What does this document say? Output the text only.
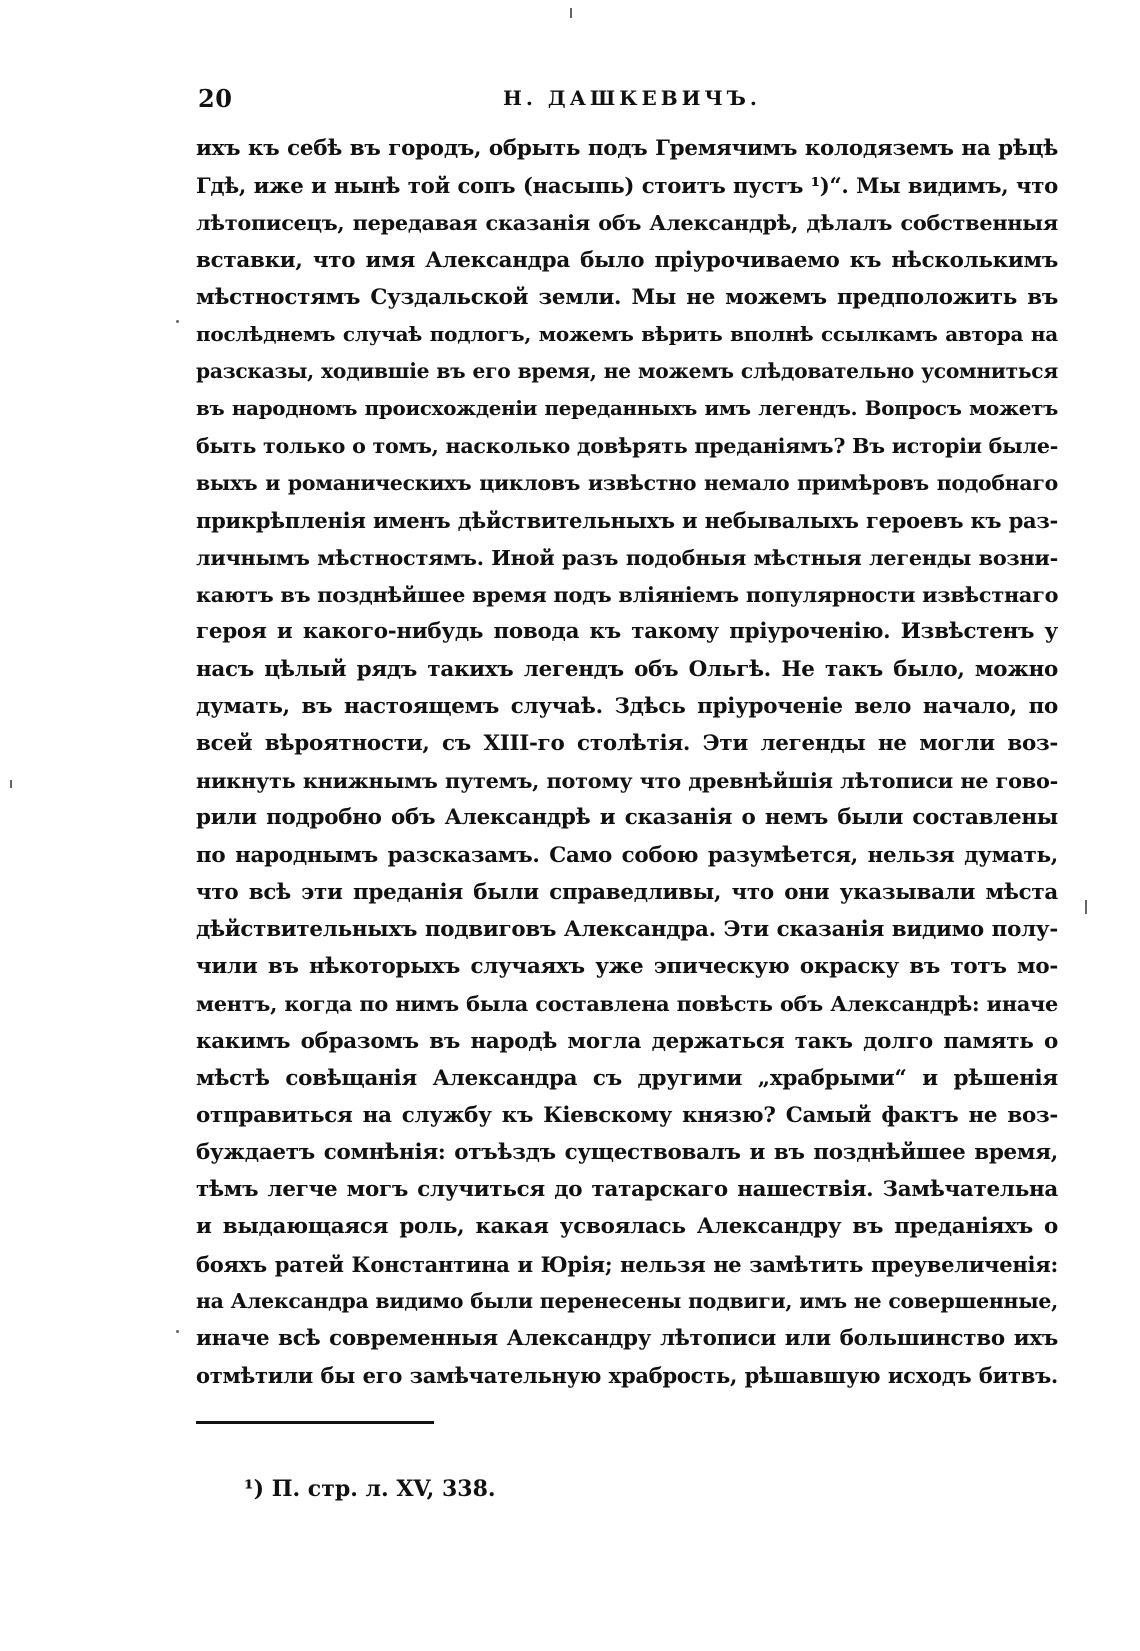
20	Н. ДАШКЕВИЧЪ.
ихъ къ себѣ въ городъ, обрыть подъ Гремячимъ колодяземъ на рѣцѣ
Гдѣ, иже и нынѣ той сопъ (насыпь) стоитъ пустъ ¹)“. Мы видимъ, что
лѣтописецъ, передавая сказанія объ Александрѣ, дѣлалъ собственныя
вставки, что имя Александра было пріурочиваемо къ нѣсколькимъ
мѣстностямъ Суздальской земли. Мы не можемъ предположить въ
послѣднемъ случаѣ подлогъ, можемъ вѣрить вполнѣ ссылкамъ автора на
разсказы, ходившіе въ его время, не можемъ слѣдовательно усомниться
въ народномъ происхожденіи переданныхъ имъ легендъ. Вопросъ можетъ
быть только о томъ, насколько довѣрять преданіямъ? Въ исторіи быле-
выхъ и романическихъ цикловъ извѣстно немало примѣровъ подобнаго
прикрѣпленія именъ дѣйствительныхъ и небывалыхъ героевъ къ раз-
личнымъ мѣстностямъ. Иной разъ подобныя мѣстныя легенды возни-
каютъ въ позднѣйшее время подъ вліяніемъ популярности извѣстнаго
героя и какого-нибудь повода къ такому пріуроченію. Извѣстенъ у
насъ цѣлый рядъ такихъ легендъ объ Ольгѣ. Не такъ было, можно
думать, въ настоящемъ случаѣ. Здѣсь пріуроченіе вело начало, по
всей вѣроятности, съ XIII-го столѣтія. Эти легенды не могли воз-
никнуть книжнымъ путемъ, потому что древнѣйшія лѣтописи не гово-
рили подробно объ Александрѣ и сказанія о немъ были составлены
по народнымъ разсказамъ. Само собою разумѣется, нельзя думать,
что всѣ эти преданія были справедливы, что они указывали мѣста
дѣйствительныхъ подвиговъ Александра. Эти сказанія видимо полу-
чили въ нѣкоторыхъ случаяхъ уже эпическую окраску въ тотъ мо-
ментъ, когда по нимъ была составлена повѣсть объ Александрѣ: иначе
какимъ образомъ въ народѣ могла держаться такъ долго память о
мѣстѣ совѣщанія Александра съ другими „храбрыми“ и рѣшенія
отправиться на службу къ Кіевскому князю? Самый фактъ не воз-
буждаетъ сомнѣнія: отъѣздъ существовалъ и въ позднѣйшее время,
тѣмъ легче могъ случиться до татарскаго нашествія. Замѣчательна
и выдающаяся роль, какая усвоялась Александру въ преданіяхъ о
бояхъ ратей Константина и Юрія; нельзя не замѣтить преувеличенія:
на Александра видимо были перенесены подвиги, имъ не совершенные,
иначе всѣ современныя Александру лѣтописи или большинство ихъ
отмѣтили бы его замѣчательную храбрость, рѣшавшую исходъ битвъ.
¹) П. стр. л. XV, 338.
